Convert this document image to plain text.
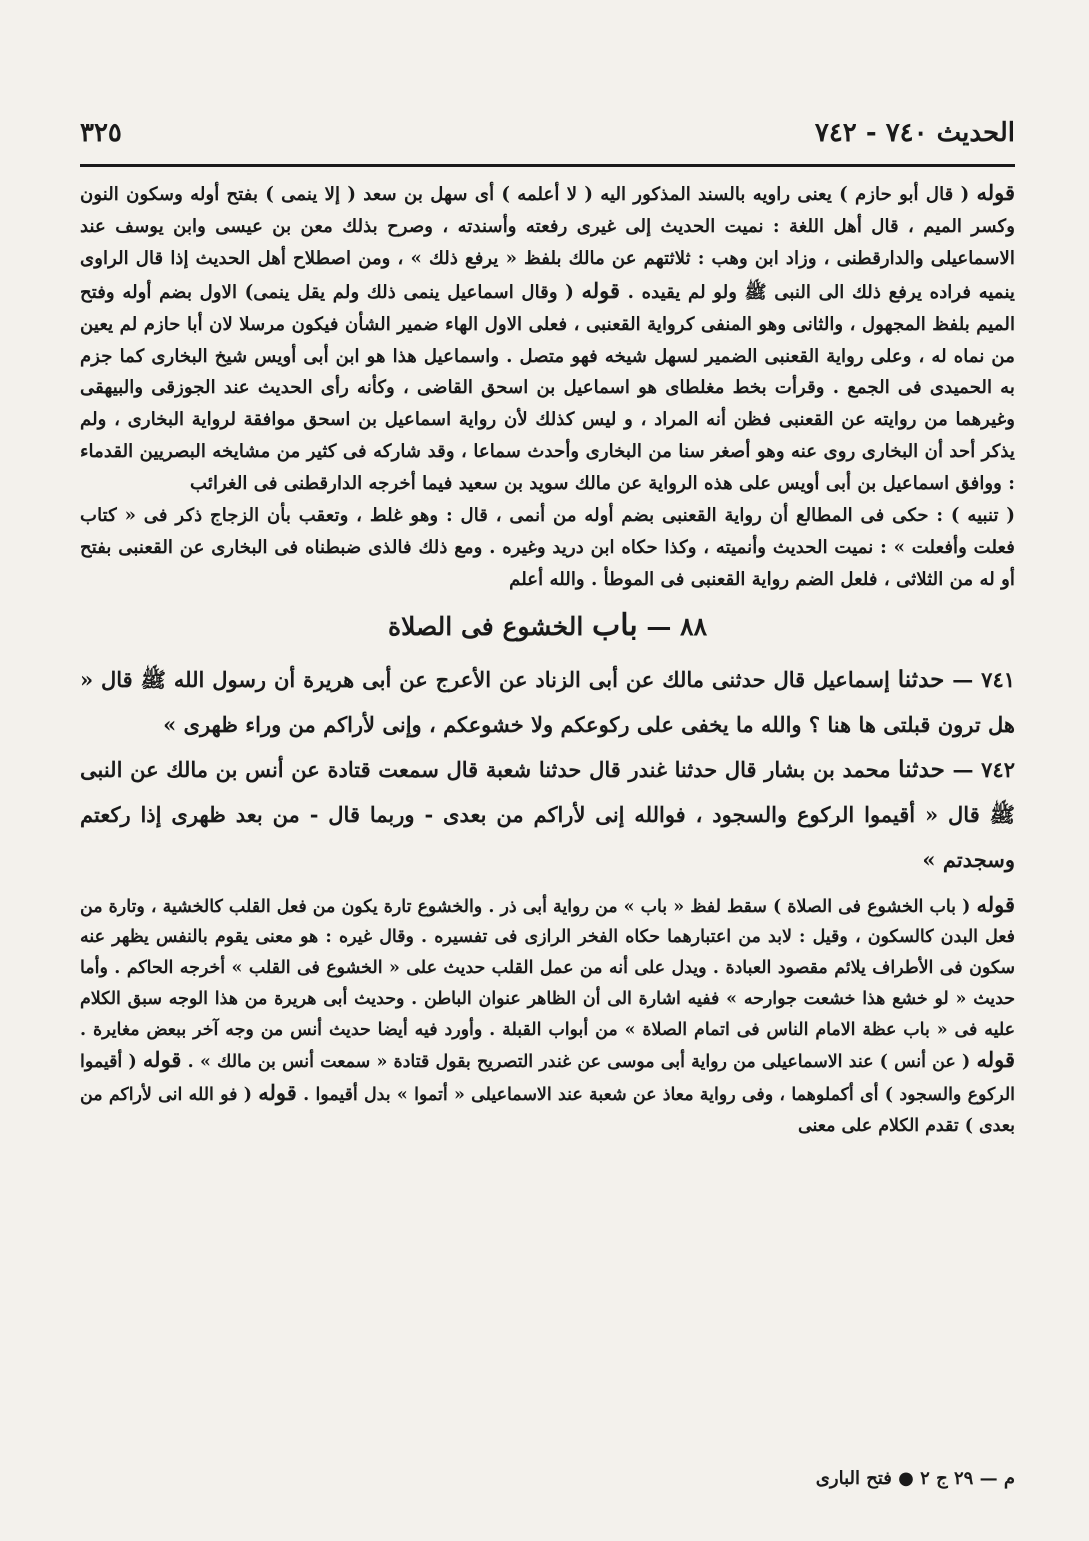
الحديث ٧٤٠ - ٧٤٢
٣٢٥

قوله ( قال أبو حازم ) يعنى راويه بالسند المذكور اليه ( لا أعلمه ) أى سهل بن سعد ( إلا ينمى ) بفتح أوله وسكون النون وكسر الميم ، قال أهل اللغة : نميت الحديث إلى غيرى رفعته وأسندته ، وصرح بذلك معن بن عيسى وابن يوسف عند الاسماعيلى والدارقطنى ، وزاد ابن وهب : ثلاثتهم عن مالك بلفظ « يرفع ذلك » ، ومن اصطلاح أهل الحديث إذا قال الراوى ينميه فراده يرفع ذلك الى النبى ﷺ ولو لم يقيده . قوله ( وقال اسماعيل ينمى ذلك ولم يقل ينمى) الاول بضم أوله وفتح الميم بلفظ المجهول ، والثانى وهو المنفى كرواية القعنبى ، فعلى الاول الهاء ضمير الشأن فيكون مرسلا لان أبا حازم لم يعين من نماه له ، وعلى رواية القعنبى الضمير لسهل شيخه فهو متصل . واسماعيل هذا هو ابن أبى أويس شيخ البخارى كما جزم به الحميدى فى الجمع . وقرأت بخط مغلطاى هو اسماعيل بن اسحق القاضى ، وكأنه رأى الحديث عند الجوزقى والبيهقى وغيرهما من روايته عن القعنبى فظن أنه المراد ، و ليس كذلك لأن رواية اسماعيل بن اسحق موافقة لرواية البخارى ، ولم يذكر أحد أن البخارى روى عنه وهو أصغر سنا من البخارى وأحدث سماعا ، وقد شاركه فى كثير من مشايخه البصريين القدماء : ووافق اسماعيل بن أبى أويس على هذه الرواية عن مالك سويد بن سعيد فيما أخرجه الدارقطنى فى الغرائب

( تنبيه ) : حكى فى المطالع أن رواية القعنبى بضم أوله من أنمى ، قال : وهو غلط ، وتعقب بأن الزجاج ذكر فى « كتاب فعلت وأفعلت » : نميت الحديث وأنميته ، وكذا حكاه ابن دريد وغيره . ومع ذلك فالذى ضبطناه فى البخارى عن القعنبى بفتح أو له من الثلاثى ، فلعل الضم رواية القعنبى فى الموطأ . والله أعلم

٨٨ — باب الخشوع فى الصلاة

٧٤١ — حدثنا إسماعيل قال حدثنى مالك عن أبى الزناد عن الأعرج عن أبى هريرة أن رسول الله ﷺ قال « هل ترون قبلتى ها هنا ؟ والله ما يخفى على ركوعكم ولا خشوعكم ، وإنى لأراكم من وراء ظهرى »

٧٤٢ — حدثنا محمد بن بشار قال حدثنا غندر قال حدثنا شعبة قال سمعت قتادة عن أنس بن مالك عن النبى ﷺ قال « أقيموا الركوع والسجود ، فوالله إنى لأراكم من بعدى - وربما قال - من بعد ظهرى إذا ركعتم وسجدتم »

قوله ( باب الخشوع فى الصلاة ) سقط لفظ « باب » من رواية أبى ذر . والخشوع تارة يكون من فعل القلب كالخشية ، وتارة من فعل البدن كالسكون ، وقيل : لابد من اعتبارهما حكاه الفخر الرازى فى تفسيره . وقال غيره : هو معنى يقوم بالنفس يظهر عنه سكون فى الأطراف يلائم مقصود العبادة . ويدل على أنه من عمل القلب حديث على « الخشوع فى القلب » أخرجه الحاكم . وأما حديث « لو خشع هذا خشعت جوارحه » ففيه اشارة الى أن الظاهر عنوان الباطن . وحديث أبى هريرة من هذا الوجه سبق الكلام عليه فى « باب عظة الامام الناس فى اتمام الصلاة » من أبواب القبلة . وأورد فيه أيضا حديث أنس من وجه آخر ببعض مغايرة . قوله ( عن أنس ) عند الاسماعيلى من رواية أبى موسى عن غندر التصريح بقول قتادة « سمعت أنس بن مالك » . قوله ( أقيموا الركوع والسجود ) أى أكملوهما ، وفى رواية معاذ عن شعبة عند الاسماعيلى « أتموا » بدل أقيموا . قوله ( فو الله انى لأراكم من بعدى ) تقدم الكلام على معنى

م — ٢٩ ج ٢ ● فتح البارى
